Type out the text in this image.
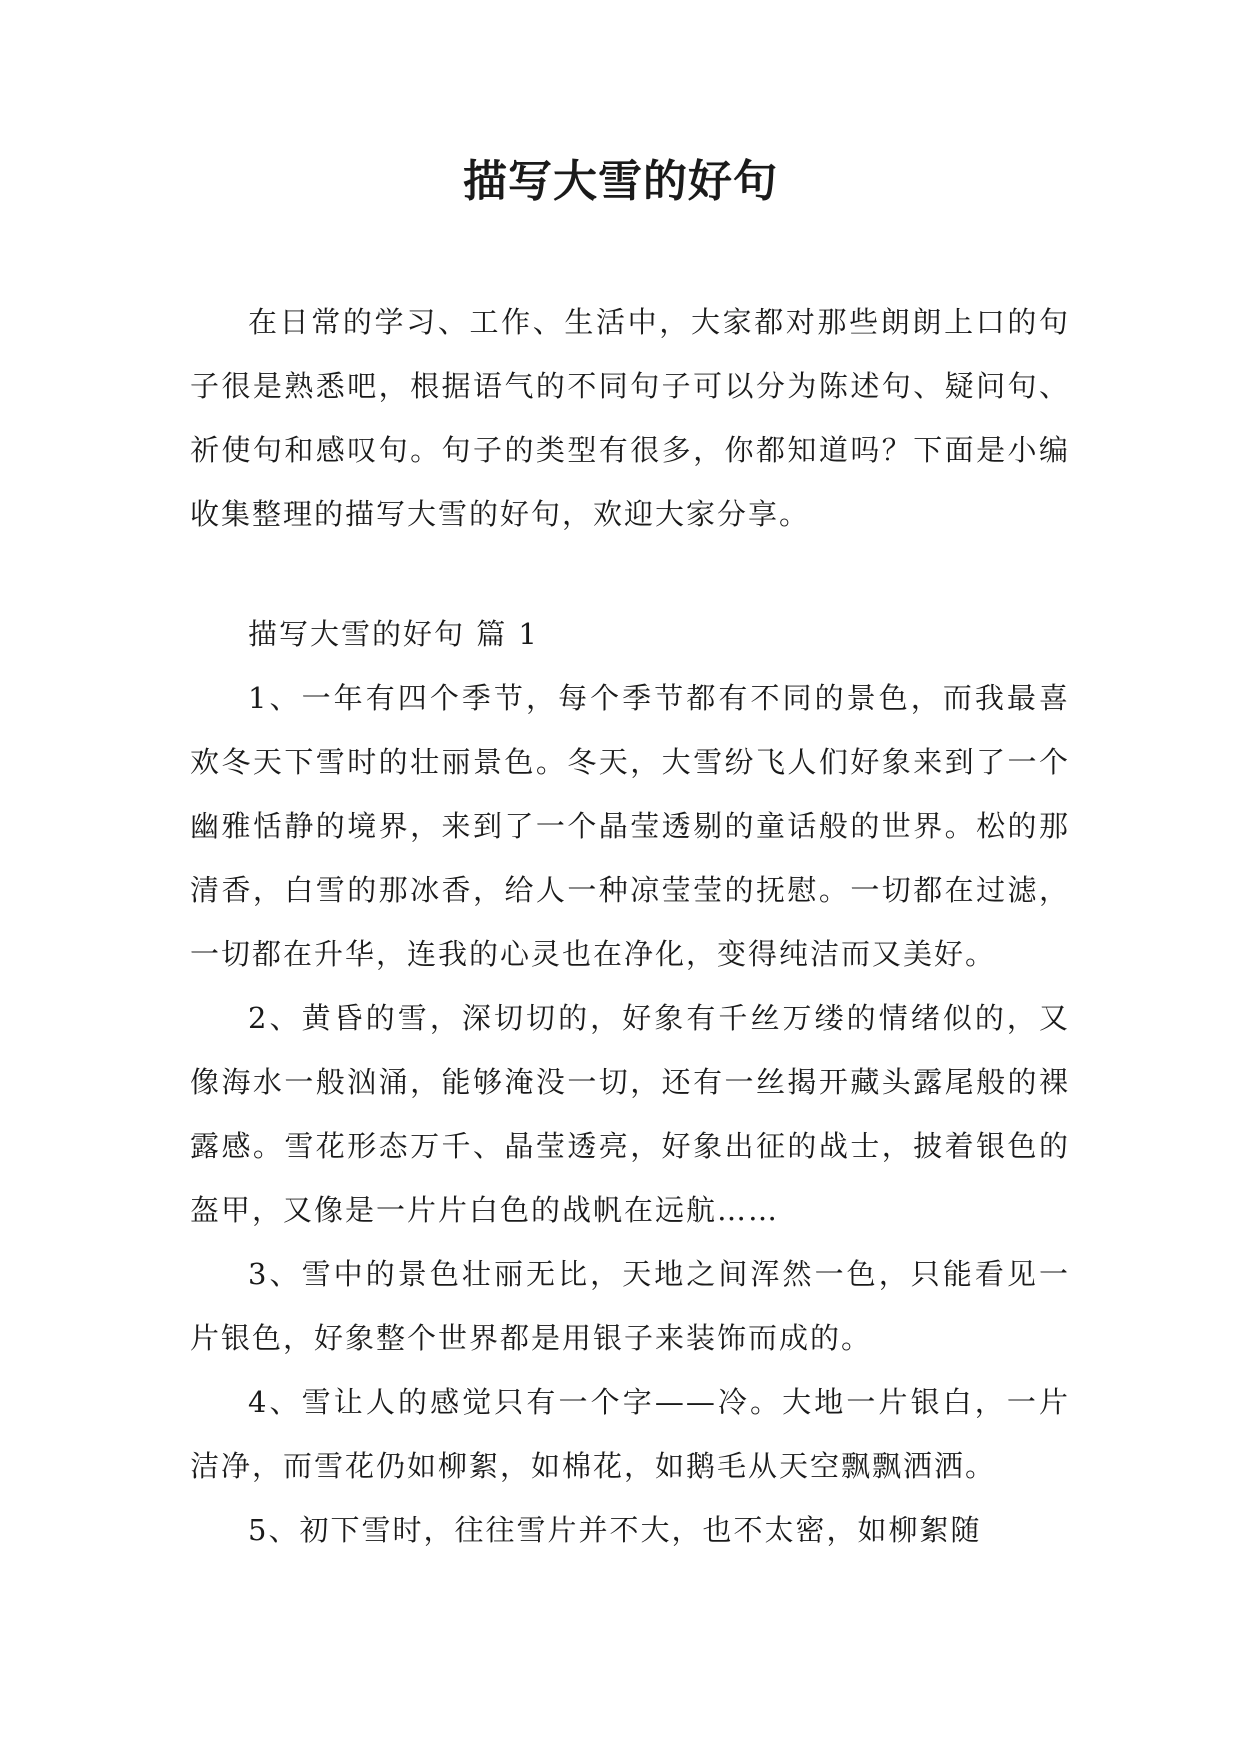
描写大雪的好句

在日常的学习、工作、生活中，大家都对那些朗朗上口的句子很是熟悉吧，根据语气的不同句子可以分为陈述句、疑问句、祈使句和感叹句。句子的类型有很多，你都知道吗？下面是小编收集整理的描写大雪的好句，欢迎大家分享。

描写大雪的好句 篇 1

1、一年有四个季节，每个季节都有不同的景色，而我最喜欢冬天下雪时的壮丽景色。冬天，大雪纷飞人们好象来到了一个幽雅恬静的境界，来到了一个晶莹透剔的童话般的世界。松的那清香，白雪的那冰香，给人一种凉莹莹的抚慰。一切都在过滤，一切都在升华，连我的心灵也在净化，变得纯洁而又美好。

2、黄昏的雪，深切切的，好象有千丝万缕的情绪似的，又像海水一般汹涌，能够淹没一切，还有一丝揭开藏头露尾般的裸露感。雪花形态万千、晶莹透亮，好象出征的战士，披着银色的盔甲，又像是一片片白色的战帆在远航……

3、雪中的景色壮丽无比，天地之间浑然一色，只能看见一片银色，好象整个世界都是用银子来装饰而成的。

4、雪让人的感觉只有一个字——冷。大地一片银白，一片洁净，而雪花仍如柳絮，如棉花，如鹅毛从天空飘飘洒洒。

5、初下雪时，往往雪片并不大，也不太密，如柳絮随
